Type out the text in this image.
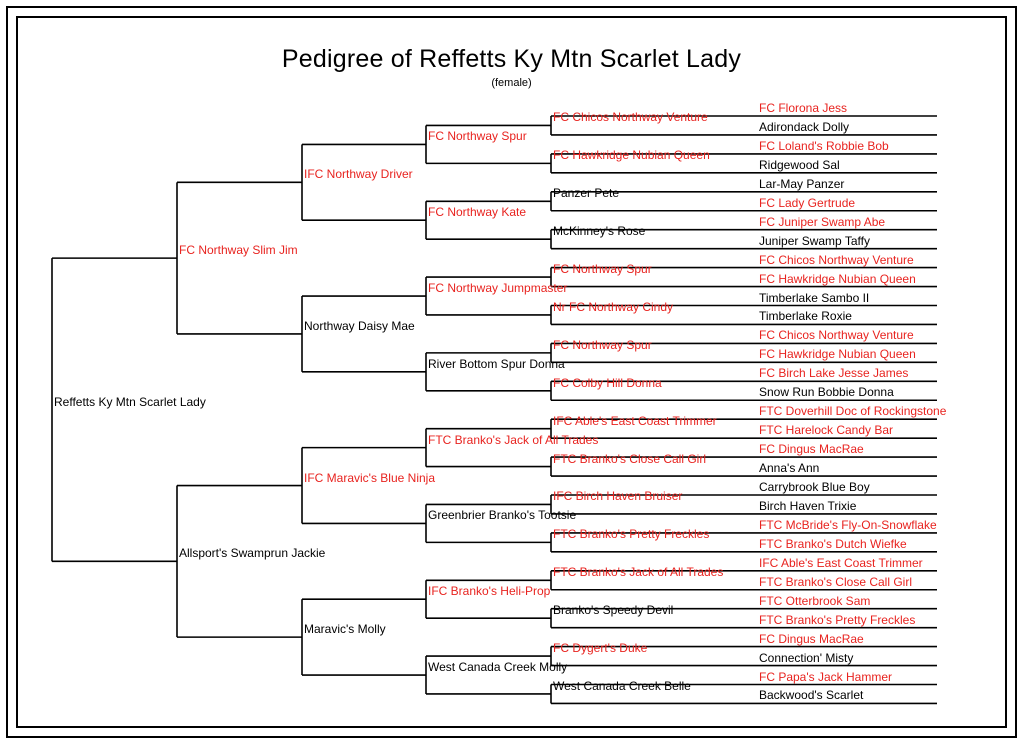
Pedigree of Reffetts Ky Mtn Scarlet Lady
(female)
Reffetts Ky Mtn Scarlet Lady
FC Northway Slim Jim
IFC Northway Driver
FC Northway Spur
FC Chicos Northway Venture
FC Florona Jess
Adirondack Dolly
FC Hawkridge Nubian Queen
FC Loland's Robbie Bob
Ridgewood Sal
FC Northway Kate
Panzer Pete
Lar-May Panzer
FC Lady Gertrude
McKinney's Rose
FC Juniper Swamp Abe
Juniper Swamp Taffy
Northway Daisy Mae
FC Northway Jumpmaster
FC Northway Spur
FC Chicos Northway Venture
FC Hawkridge Nubian Queen
Nr FC Northway Cindy
Timberlake Sambo II
Timberlake Roxie
River Bottom Spur Donna
FC Northway Spur
FC Chicos Northway Venture
FC Hawkridge Nubian Queen
FC Colby Hill Donna
FC Birch Lake Jesse James
Snow Run Bobbie Donna
Allsport's Swamprun Jackie
IFC Maravic's Blue Ninja
FTC Branko's Jack of All Trades
IFC Able's East Coast Trimmer
FTC Doverhill Doc of Rockingstone
FTC Harelock Candy Bar
FTC Branko's Close Call Girl
FC Dingus MacRae
Anna's Ann
Greenbrier Branko's Tootsie
IFC Birch Haven Bruiser
Carrybrook Blue Boy
Birch Haven Trixie
FTC Branko's Pretty Freckles
FTC McBride's Fly-On-Snowflake
FTC Branko's Dutch Wiefke
Maravic's Molly
IFC Branko's Heli-Prop
FTC Branko's Jack of All Trades
IFC Able's East Coast Trimmer
FTC Branko's Close Call Girl
Branko's Speedy Devil
FTC Otterbrook Sam
FTC Branko's Pretty Freckles
West Canada Creek Molly
FC Dygert's Duke
FC Dingus MacRae
Connection' Misty
West Canada Creek Belle
FC Papa's Jack Hammer
Backwood's Scarlet
